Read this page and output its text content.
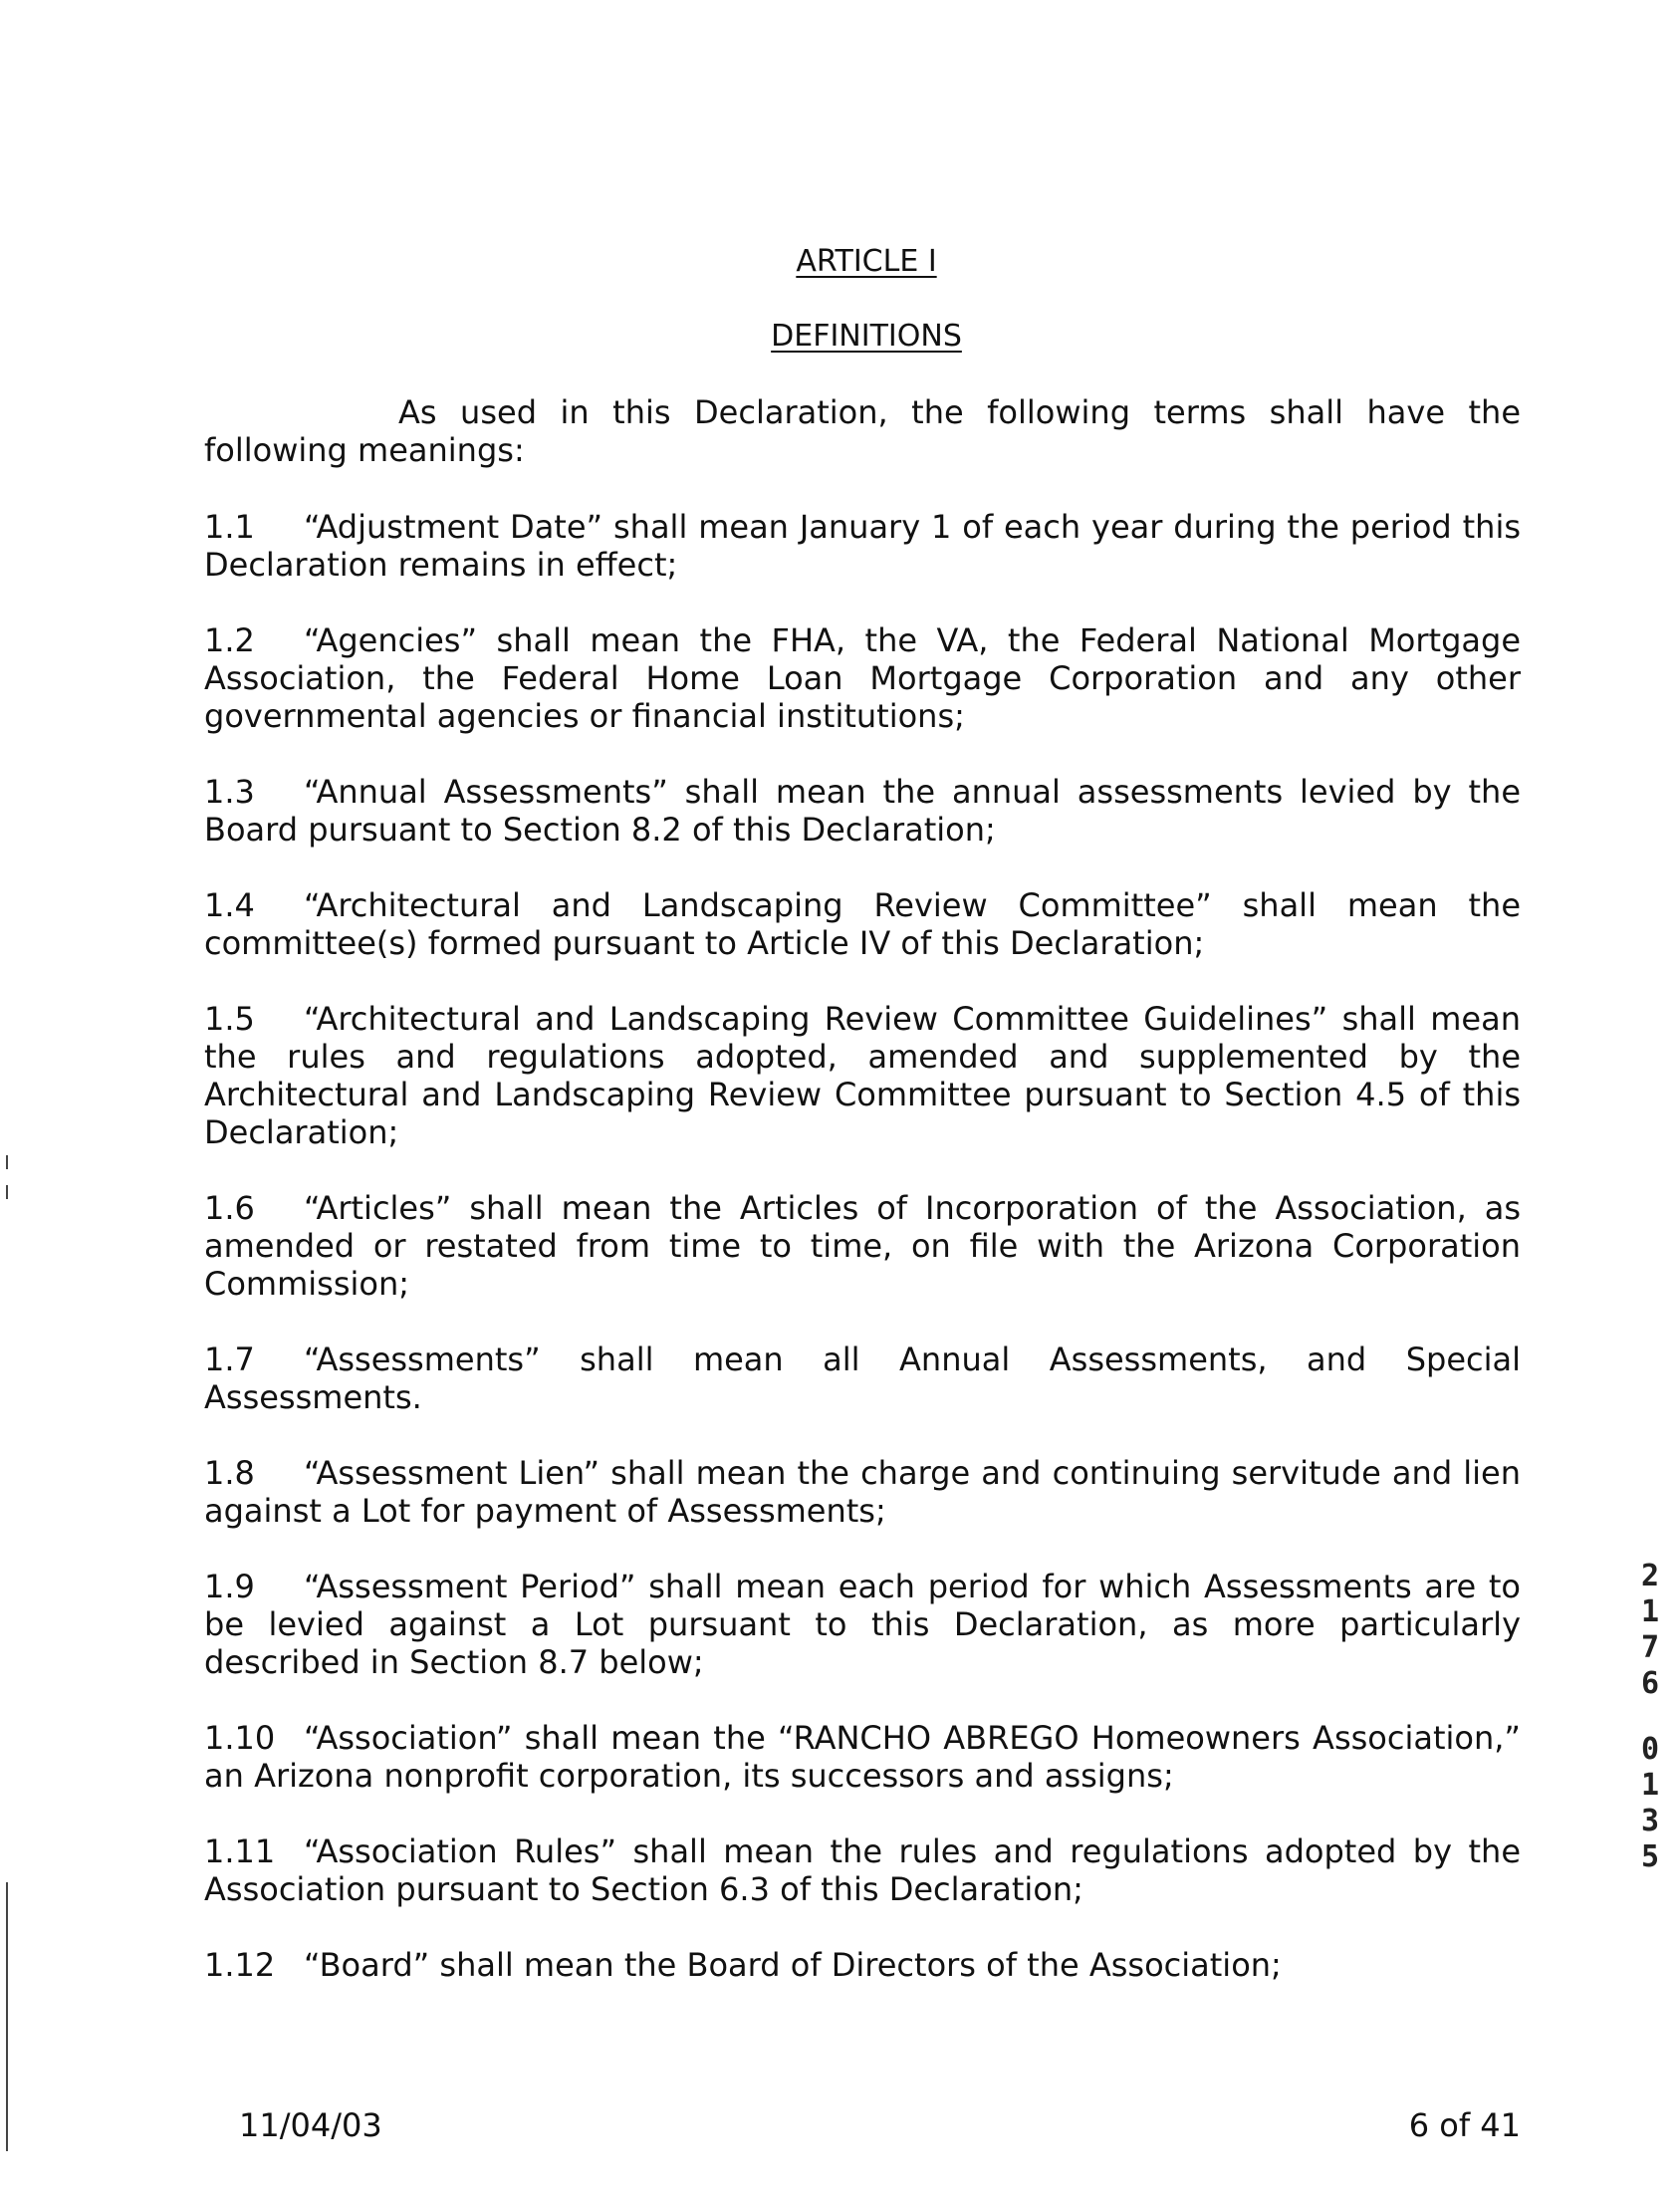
ARTICLE I
DEFINITIONS
As used in this Declaration, the following terms shall have the following meanings:
1.1 “Adjustment Date” shall mean January 1 of each year during the period this Declaration remains in effect;
1.2 “Agencies” shall mean the FHA, the VA, the Federal National Mortgage Association, the Federal Home Loan Mortgage Corporation and any other governmental agencies or financial institutions;
1.3 “Annual Assessments” shall mean the annual assessments levied by the Board pursuant to Section 8.2 of this Declaration;
1.4 “Architectural and Landscaping Review Committee” shall mean the committee(s) formed pursuant to Article IV of this Declaration;
1.5 “Architectural and Landscaping Review Committee Guidelines” shall mean the rules and regulations adopted, amended and supplemented by the Architectural and Landscaping Review Committee pursuant to Section 4.5 of this Declaration;
1.6 “Articles” shall mean the Articles of Incorporation of the Association, as amended or restated from time to time, on file with the Arizona Corporation Commission;
1.7 “Assessments” shall mean all Annual Assessments, and Special Assessments.
1.8 “Assessment Lien” shall mean the charge and continuing servitude and lien against a Lot for payment of Assessments;
1.9 “Assessment Period” shall mean each period for which Assessments are to be levied against a Lot pursuant to this Declaration, as more particularly described in Section 8.7 below;
1.10 “Association” shall mean the “RANCHO ABREGO Homeowners Association,” an Arizona nonprofit corporation, its successors and assigns;
1.11 “Association Rules” shall mean the rules and regulations adopted by the Association pursuant to Section 6.3 of this Declaration;
1.12 “Board” shall mean the Board of Directors of the Association;
11/04/03	6 of 41
2
1
7
6
0
1
3
5
